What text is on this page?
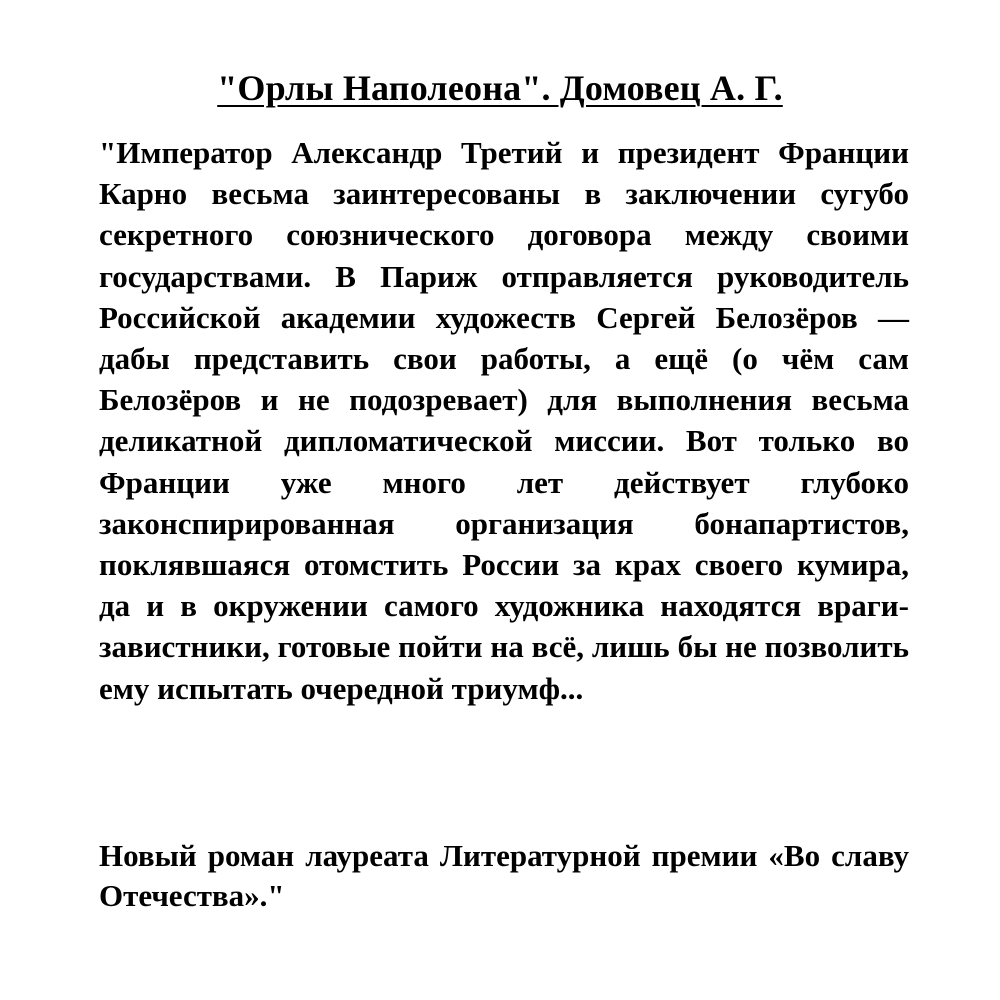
"Орлы Наполеона". Домовец А. Г.

"Император Александр Третий и президент Франции Карно весьма заинтересованы в заключении сугубо секретного союзнического договора между своими государствами. В Париж отправляется руководитель Российской академии художеств Сергей Белозёров — дабы представить свои работы, а ещё (о чём сам Белозёров и не подозревает) для выполнения весьма деликатной дипломатической миссии. Вот только во Франции уже много лет действует глубоко законспирированная организация бонапартистов, поклявшаяся отомстить России за крах своего кумира, да и в окружении самого художника находятся враги-завистники, готовые пойти на всё, лишь бы не позволить ему испытать очередной триумф...

Новый роман лауреата Литературной премии «Во славу Отечества»."
